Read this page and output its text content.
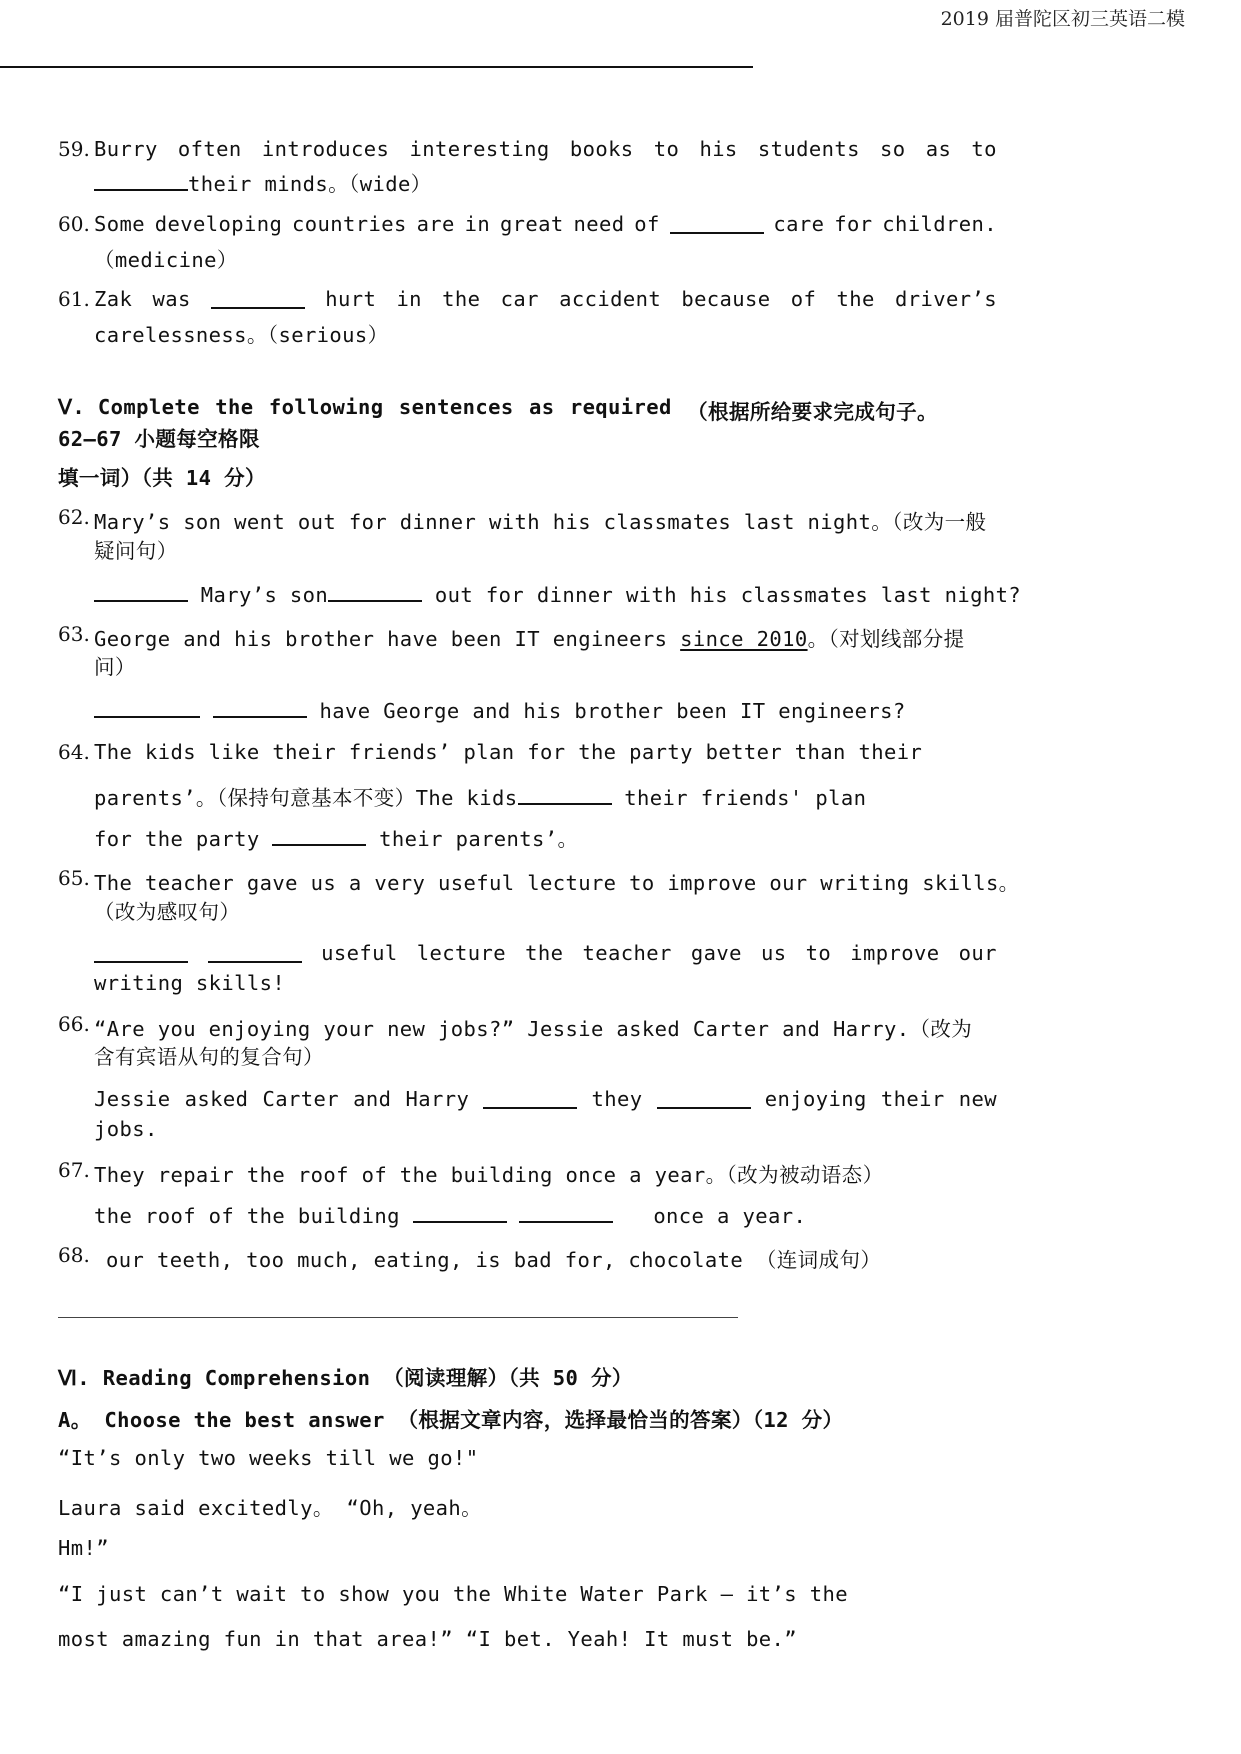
2019 届普陀区初三英语二模
59. Burry often introduces interesting books to his students so as to
their minds。（wide）
60. Some developing countries are in great need of	care for children.
（medicine）
61. Zak was	hurt in the car accident because of the driver’s
carelessness。（serious）
Ⅴ. Complete the following sentences as required （根据所给要求完成句子。
62—67 小题每空格限
填一词）（共 14 分）
62. Mary’s son went out for dinner with his classmates last night。（改为一般
疑问句）
Mary’s son	out for dinner with his classmates last night?
63. George and his brother have been IT engineers since 2010。（对划线部分提
问）
have George and his brother been IT engineers?
64. The kids like their friends’ plan for the party better than their
parents’。（保持句意基本不变）The kids	their friends' plan
for the party	their parents’。
65. The teacher gave us a very useful lecture to improve our writing skills。
（改为感叹句）
useful lecture the teacher gave us to improve our
writing skills!
66. “Are you enjoying your new jobs?” Jessie asked Carter and Harry.（改为
含有宾语从句的复合句）
Jessie asked Carter and Harry	they	enjoying their new
jobs.
67. They repair the roof of the building once a year。（改为被动语态）
the roof of the building	once a year.
68. our teeth, too much, eating, is bad for, chocolate （连词成句）
Ⅵ. Reading Comprehension （阅读理解）（共 50 分）
A。 Choose the best answer （根据文章内容，选择最恰当的答案）（12 分）
“It’s only two weeks till we go!"
Laura said excitedly。 “Oh, yeah。
Hm!”
“I just can’t wait to show you the White Water Park – it’s the
most amazing fun in that area!” “I bet. Yeah! It must be.”
